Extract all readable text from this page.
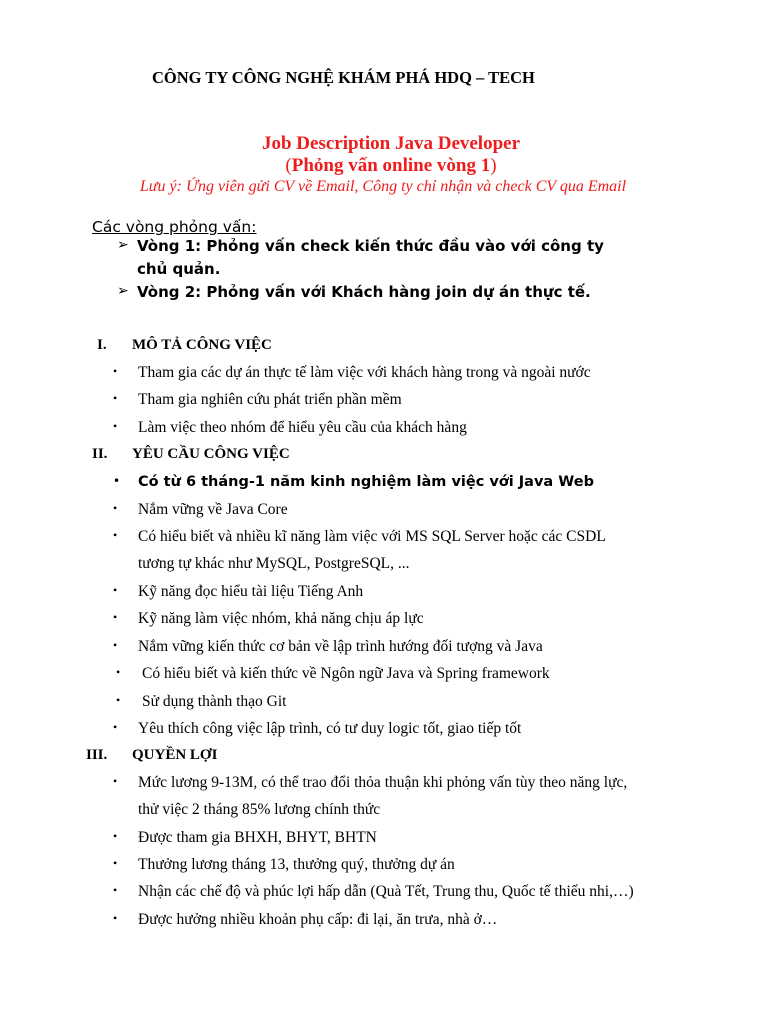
CÔNG TY CÔNG NGHỆ KHÁM PHÁ HDQ – TECH
Job Description Java Developer
(Phỏng vấn online vòng 1)
Lưu ý: Ứng viên gửi CV về Email, Công ty chỉ nhận và check CV qua Email
Các vòng phỏng vấn:
➢ Vòng 1: Phỏng vấn check kiến thức đầu vào với công ty chủ quản.
➢ Vòng 2: Phỏng vấn với Khách hàng join dự án thực tế.
I. MÔ TẢ CÔNG VIỆC
• Tham gia các dự án thực tế làm việc với khách hàng trong và ngoài nước
• Tham gia nghiên cứu phát triển phần mềm
• Làm việc theo nhóm để hiểu yêu cầu của khách hàng
II. YÊU CẦU CÔNG VIỆC
• Có từ 6 tháng-1 năm kinh nghiệm làm việc với Java Web
• Nắm vững về Java Core
• Có hiểu biết và nhiều kĩ năng làm việc với MS SQL Server hoặc các CSDL
tương tự khác như MySQL, PostgreSQL, ...
• Kỹ năng đọc hiểu tài liệu Tiếng Anh
• Kỹ năng làm việc nhóm, khả năng chịu áp lực
• Nắm vững kiến thức cơ bản về lập trình hướng đối tượng và Java
• Có hiểu biết và kiến thức về Ngôn ngữ Java và Spring framework
• Sử dụng thành thạo Git
• Yêu thích công việc lập trình, có tư duy logic tốt, giao tiếp tốt
III. QUYỀN LỢI
• Mức lương 9-13M, có thể trao đổi thỏa thuận khi phỏng vấn tùy theo năng lực,
thử việc 2 tháng 85% lương chính thức
• Được tham gia BHXH, BHYT, BHTN
• Thưởng lương tháng 13, thưởng quý, thưởng dự án
• Nhận các chế độ và phúc lợi hấp dẫn (Quà Tết, Trung thu, Quốc tế thiếu nhi,…)
• Được hưởng nhiều khoản phụ cấp: đi lại, ăn trưa, nhà ở…
